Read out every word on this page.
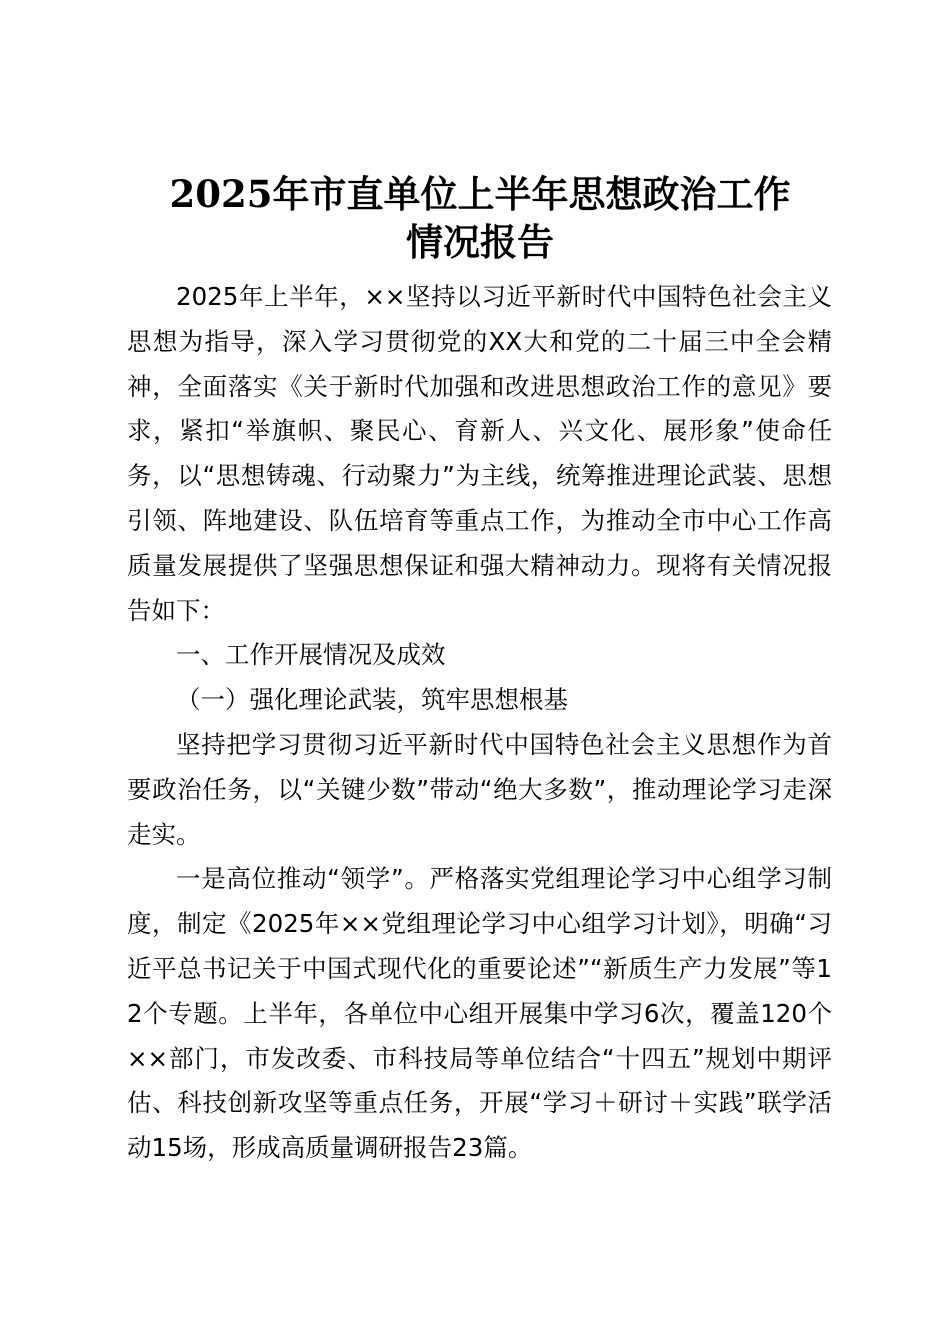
2025年市直单位上半年思想政治工作
情况报告

2025年上半年，××坚持以习近平新时代中国特色社会主义思想为指导，深入学习贯彻党的XX大和党的二十届三中全会精神，全面落实《关于新时代加强和改进思想政治工作的意见》要求，紧扣“举旗帜、聚民心、育新人、兴文化、展形象”使命任务，以“思想铸魂、行动聚力”为主线，统筹推进理论武装、思想引领、阵地建设、队伍培育等重点工作，为推动全市中心工作高质量发展提供了坚强思想保证和强大精神动力。现将有关情况报告如下：

一、工作开展情况及成效

（一）强化理论武装，筑牢思想根基

坚持把学习贯彻习近平新时代中国特色社会主义思想作为首要政治任务，以“关键少数”带动“绝大多数”，推动理论学习走深走实。

一是高位推动“领学”。严格落实党组理论学习中心组学习制度，制定《2025年××党组理论学习中心组学习计划》，明确“习近平总书记关于中国式现代化的重要论述”“新质生产力发展”等12个专题。上半年，各单位中心组开展集中学习6次，覆盖120个××部门，市发改委、市科技局等单位结合“十四五”规划中期评估、科技创新攻坚等重点任务，开展“学习＋研讨＋实践”联学活动15场，形成高质量调研报告23篇。
